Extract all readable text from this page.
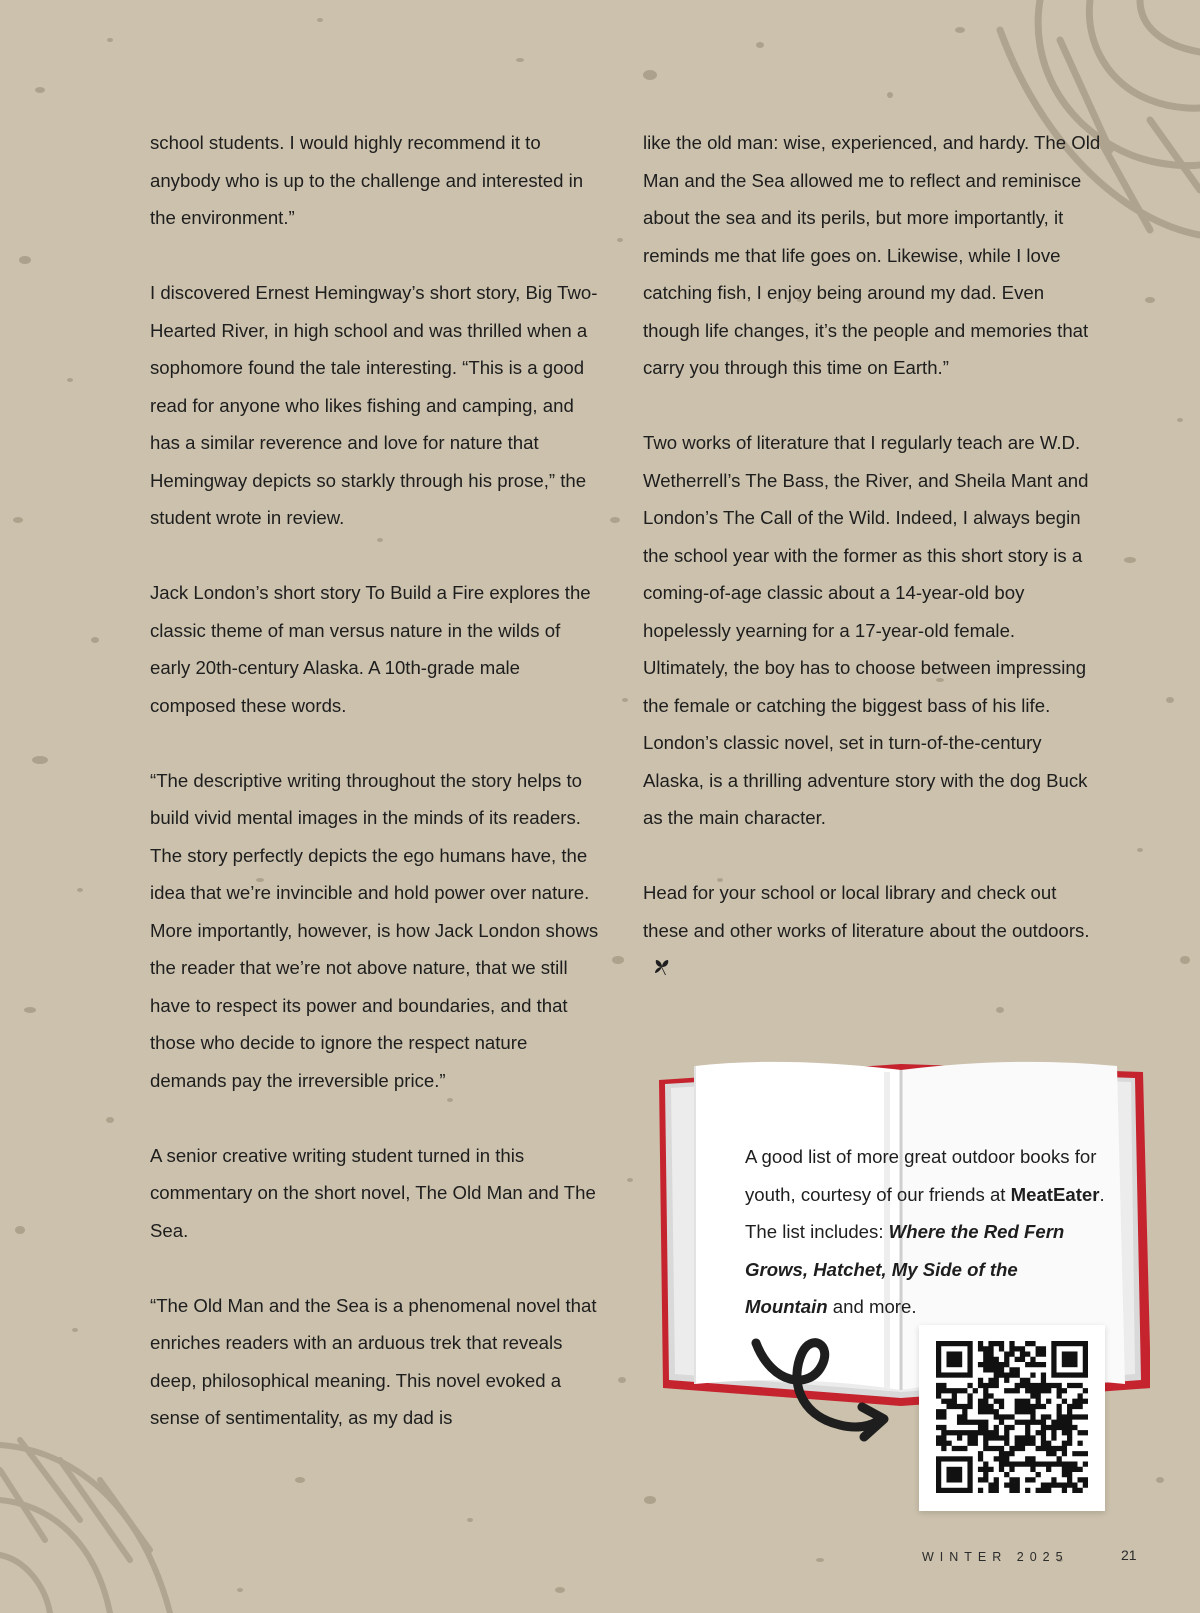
school students. I would highly recommend it to anybody who is up to the challenge and interested in the environment.”

I discovered Ernest Hemingway’s short story, Big Two-Hearted River, in high school and was thrilled when a sophomore found the tale interesting. “This is a good read for anyone who likes fishing and camping, and has a similar reverence and love for nature that Hemingway depicts so starkly through his prose,” the student wrote in review.

Jack London’s short story To Build a Fire explores the classic theme of man versus nature in the wilds of early 20th-century Alaska. A 10th-grade male composed these words.

“The descriptive writing throughout the story helps to build vivid mental images in the minds of its readers. The story perfectly depicts the ego humans have, the idea that we’re invincible and hold power over nature. More importantly, however, is how Jack London shows the reader that we’re not above nature, that we still have to respect its power and boundaries, and that those who decide to ignore the respect nature demands pay the irreversible price.”

A senior creative writing student turned in this commentary on the short novel, The Old Man and The Sea.

“The Old Man and the Sea is a phenomenal novel that enriches readers with an arduous trek that reveals deep, philosophical meaning. This novel evoked a sense of sentimentality, as my dad is

like the old man: wise, experienced, and hardy. The Old Man and the Sea allowed me to reflect and reminisce about the sea and its perils, but more importantly, it reminds me that life goes on. Likewise, while I love catching fish, I enjoy being around my dad. Even though life changes, it’s the people and memories that carry you through this time on Earth.”

Two works of literature that I regularly teach are W.D. Wetherrell’s The Bass, the River, and Sheila Mant and London’s The Call of the Wild. Indeed, I always begin the school year with the former as this short story is a coming-of-age classic about a 14-year-old boy hopelessly yearning for a 17-year-old female. Ultimately, the boy has to choose between impressing the female or catching the biggest bass of his life. London’s classic novel, set in turn-of-the-century Alaska, is a thrilling adventure story with the dog Buck as the main character.

Head for your school or local library and check out these and other works of literature about the outdoors.

A good list of more great outdoor books for youth, courtesy of our friends at MeatEater. The list includes: Where the Red Fern Grows, Hatchet, My Side of the Mountain and more.
WINTER 2025	21
